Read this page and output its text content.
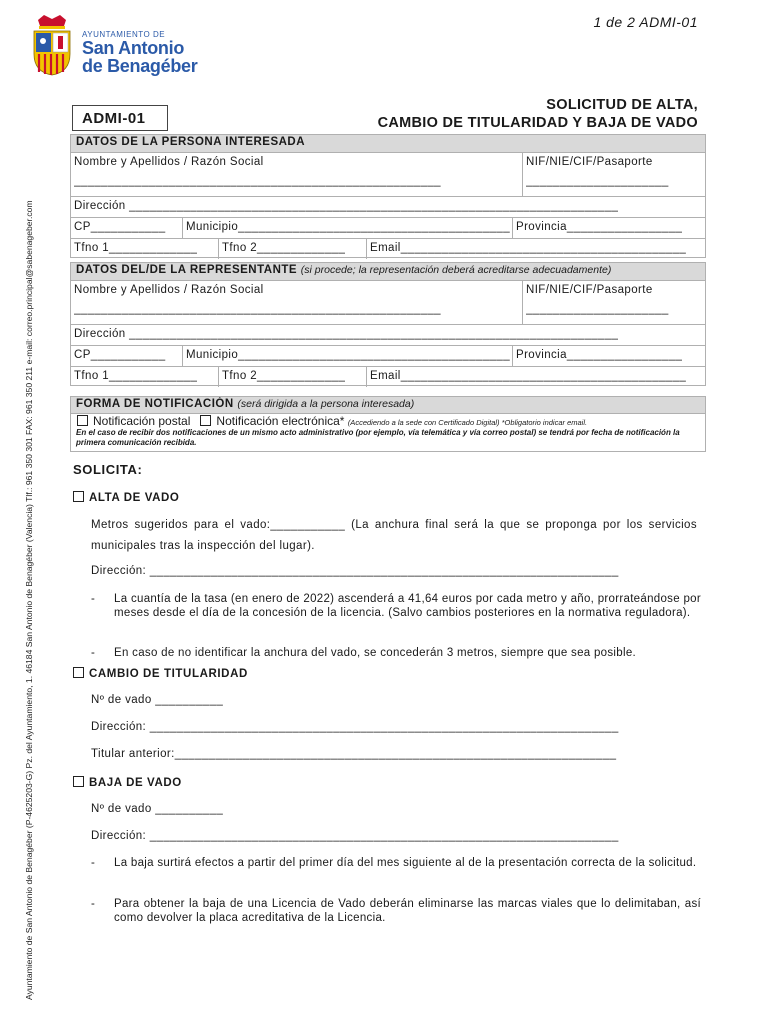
1 de 2 ADMI-01
Ayuntamiento de San Antonio de Benagéber (P-4625203-G) Pz. del Ayuntamiento, 1. 46184 San Antonio de Benagéber (Valencia) Tlf.: 961 350 301 FAX: 961 350 211 e-mail: correo.principal@sabenageber.com
AYUNTAMIENTO DE
San Antonio
de Benagéber
ADMI-01
SOLICITUD DE ALTA,
CAMBIO DE TITULARIDAD Y BAJA DE VADO
DATOS DE LA PERSONA INTERESADA
Nombre y Apellidos / Razón Social	NIF/NIE/CIF/Pasaporte
______________________________________________________	_____________________
Dirección ________________________________________________________________________
CP___________ Municipio________________________________________ Provincia_________________
Tfno 1_____________ Tfno 2_____________ Email__________________________________________
DATOS DEL/DE LA REPRESENTANTE (si procede; la representación deberá acreditarse adecuadamente)
Nombre y Apellidos / Razón Social	NIF/NIE/CIF/Pasaporte
______________________________________________________	_____________________
Dirección ________________________________________________________________________
CP___________ Municipio________________________________________ Provincia_________________
Tfno 1_____________ Tfno 2_____________ Email__________________________________________
FORMA DE NOTIFICACIÓN (será dirigida a la persona interesada)
Notificación postal Notificación electrónica* (Accediendo a la sede con Certificado Digital) *Obligatorio indicar email.
En el caso de recibir dos notificaciones de un mismo acto administrativo (por ejemplo, vía telemática y vía correo postal) se tendrá por fecha de notificación la primera comunicación recibida.
SOLICITA:
ALTA DE VADO
Metros sugeridos para el vado:___________ (La anchura final será la que se proponga por los servicios municipales tras la inspección del lugar).
Dirección: _____________________________________________________________________
- La cuantía de la tasa (en enero de 2022) ascenderá a 41,64 euros por cada metro y año, prorrateándose por meses desde el día de la concesión de la licencia. (Salvo cambios posteriores en la normativa reguladora).
- En caso de no identificar la anchura del vado, se concederán 3 metros, siempre que sea posible.
CAMBIO DE TITULARIDAD
Nº de vado __________
Dirección: _____________________________________________________________________
Titular anterior:_________________________________________________________________
BAJA DE VADO
Nº de vado __________
Dirección: _____________________________________________________________________
- La baja surtirá efectos a partir del primer día del mes siguiente al de la presentación correcta de la solicitud.
- Para obtener la baja de una Licencia de Vado deberán eliminarse las marcas viales que lo delimitaban, así como devolver la placa acreditativa de la Licencia.
